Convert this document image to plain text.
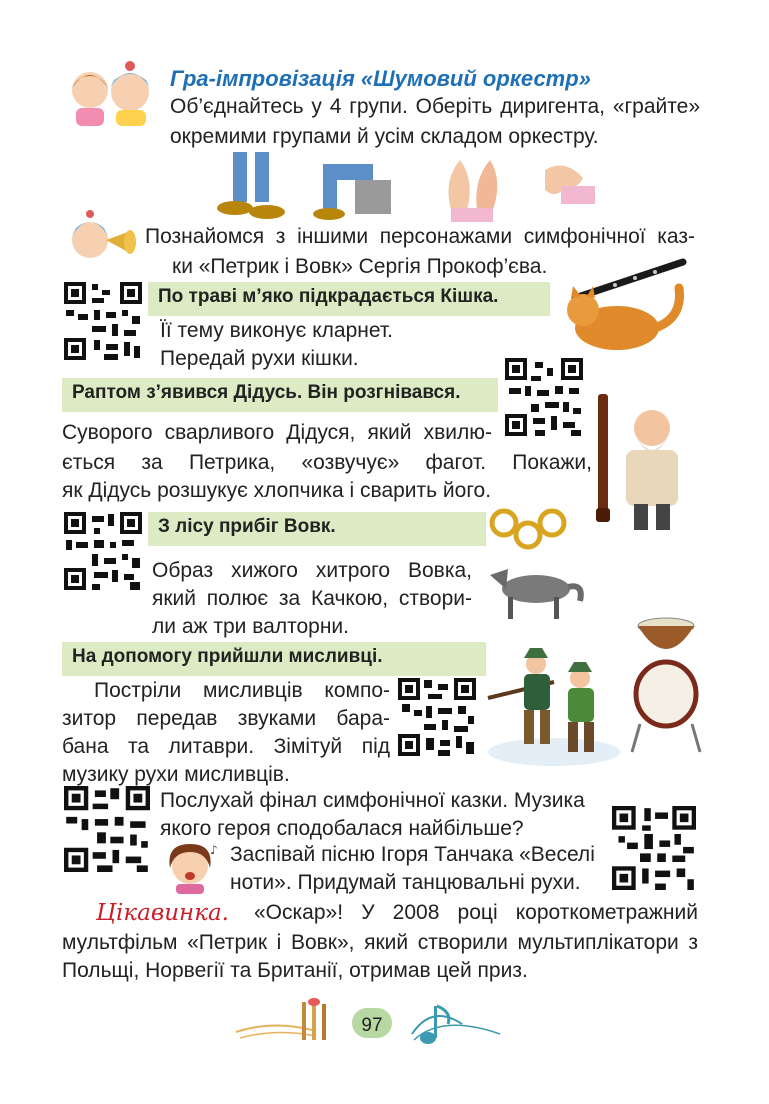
Гра-імпровізація «Шумовий оркестр»
Об’єднайтесь у 4 групи. Оберіть диригента, «грайте»
окремими групами й усім складом оркестру.
Познайомся з іншими персонажами симфонічної каз-
ки «Петрик і Вовк» Сергія Прокоф’єва.
По траві м’яко підкрадається Кішка.
Її тему виконує кларнет.
Передай рухи кішки.
Раптом з’явився Дідусь. Він розгнівався.
Суворого сварливого Дідуся, який хвилю-
ється за Петрика, «озвучує» фагот. Покажи,
як Дідусь розшукує хлопчика і сварить його.
З лісу прибіг Вовк.
Образ хижого хитрого Вовка,
який полює за Качкою, створи-
ли аж три валторни.
На допомогу прийшли мисливці.
Постріли мисливців компо-
зитор передав звуками бара-
бана та литаври. Зімітуй під
музику рухи мисливців.
Послухай фінал симфонічної казки. Музика
якого героя сподобалася найбільше?
♪ Заспівай пісню Ігоря Танчака «Веселі
ноти». Придумай танцювальні рухи.
Цікавинка. «Оскар»! У 2008 році короткометражний
мультфільм «Петрик і Вовк», який створили мультиплікатори з
Польщі, Норвегії та Британії, отримав цей приз.
97
